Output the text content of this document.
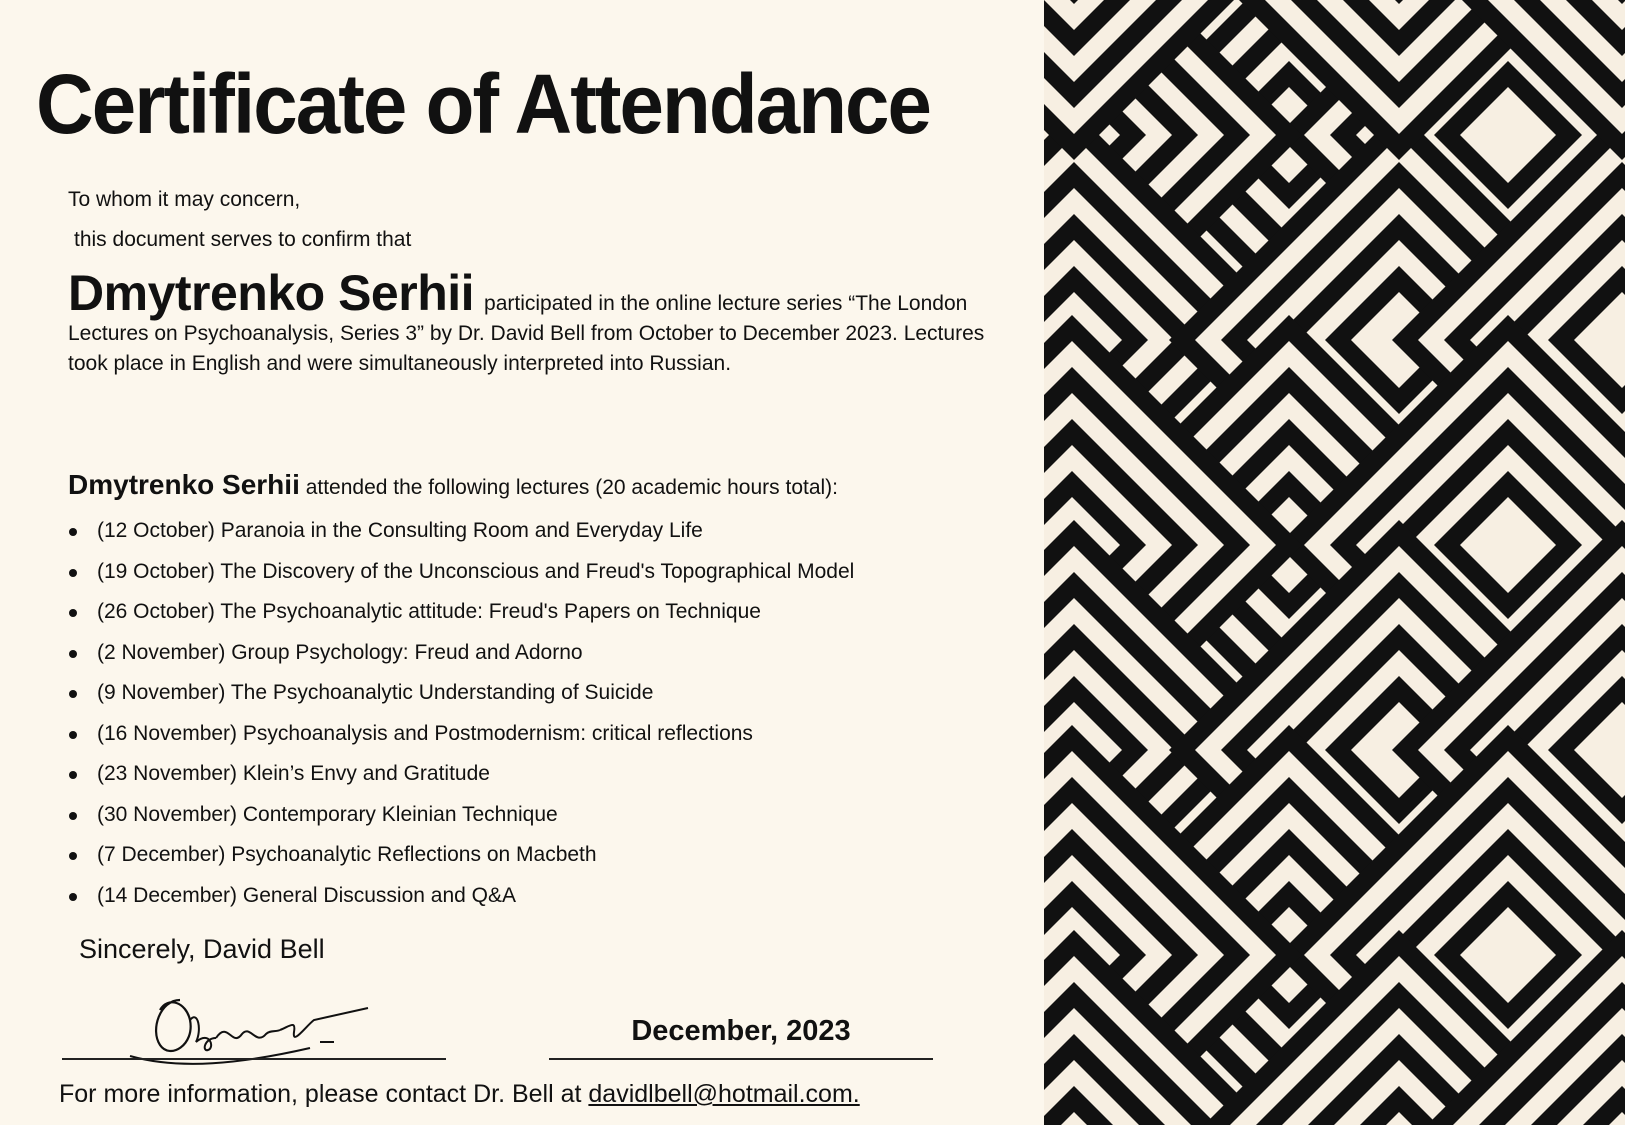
Certificate of Attendance
To whom it may concern,
this document serves to confirm that
Dmytrenko Serhii participated in the online lecture series “The London Lectures on Psychoanalysis, Series 3” by Dr. David Bell from October to December 2023. Lectures took place in English and were simultaneously interpreted into Russian.
Dmytrenko Serhii attended the following lectures (20 academic hours total):
(12 October) Paranoia in the Consulting Room and Everyday Life
(19 October) The Discovery of the Unconscious and Freud's Topographical Model
(26 October) The Psychoanalytic attitude: Freud's Papers on Technique
(2 November) Group Psychology: Freud and Adorno
(9 November) The Psychoanalytic Understanding of Suicide
(16 November) Psychoanalysis and Postmodernism: critical reflections
(23 November) Klein’s Envy and Gratitude
(30 November) Contemporary Kleinian Technique
(7 December) Psychoanalytic Reflections on Macbeth
(14 December) General Discussion and Q&A
Sincerely, David Bell
December, 2023
For more information, please contact Dr. Bell at davidlbell@hotmail.com.
